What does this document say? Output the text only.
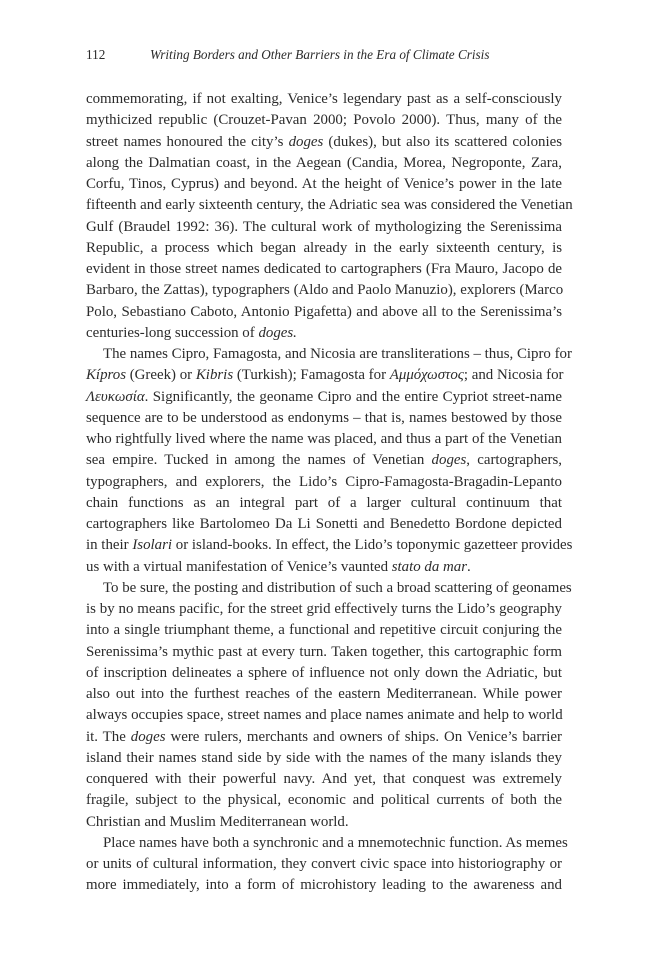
112	Writing Borders and Other Barriers in the Era of Climate Crisis
commemorating, if not exalting, Venice’s legendary past as a self-consciously
mythicized republic (Crouzet-Pavan 2000; Povolo 2000). Thus, many of the
street names honoured the city’s doges (dukes), but also its scattered colonies
along the Dalmatian coast, in the Aegean (Candia, Morea, Negroponte, Zara,
Corfu, Tinos, Cyprus) and beyond. At the height of Venice’s power in the late
fifteenth and early sixteenth century, the Adriatic sea was considered the Venetian
Gulf (Braudel 1992: 36). The cultural work of mythologizing the Serenissima
Republic, a process which began already in the early sixteenth century, is
evident in those street names dedicated to cartographers (Fra Mauro, Jacopo de
Barbaro, the Zattas), typographers (Aldo and Paolo Manuzio), explorers (Marco
Polo, Sebastiano Caboto, Antonio Pigafetta) and above all to the Serenissima’s
centuries-long succession of doges.
The names Cipro, Famagosta, and Nicosia are transliterations – thus, Cipro for
Kípros (Greek) or Kibris (Turkish); Famagosta for Αμμόχωστος; and Nicosia for
Λευκωσία. Significantly, the geoname Cipro and the entire Cypriot street-name
sequence are to be understood as endonyms – that is, names bestowed by those
who rightfully lived where the name was placed, and thus a part of the Venetian
sea empire. Tucked in among the names of Venetian doges, cartographers,
typographers, and explorers, the Lido’s Cipro-Famagosta-Bragadin-Lepanto
chain functions as an integral part of a larger cultural continuum that
cartographers like Bartolomeo Da Li Sonetti and Benedetto Bordone depicted
in their Isolari or island-books. In effect, the Lido’s toponymic gazetteer provides
us with a virtual manifestation of Venice’s vaunted stato da mar.
To be sure, the posting and distribution of such a broad scattering of geonames
is by no means pacific, for the street grid effectively turns the Lido’s geography
into a single triumphant theme, a functional and repetitive circuit conjuring the
Serenissima’s mythic past at every turn. Taken together, this cartographic form
of inscription delineates a sphere of influence not only down the Adriatic, but
also out into the furthest reaches of the eastern Mediterranean. While power
always occupies space, street names and place names animate and help to world
it. The doges were rulers, merchants and owners of ships. On Venice’s barrier
island their names stand side by side with the names of the many islands they
conquered with their powerful navy. And yet, that conquest was extremely
fragile, subject to the physical, economic and political currents of both the
Christian and Muslim Mediterranean world.
Place names have both a synchronic and a mnemotechnic function. As memes
or units of cultural information, they convert civic space into historiography or
more immediately, into a form of microhistory leading to the awareness and
